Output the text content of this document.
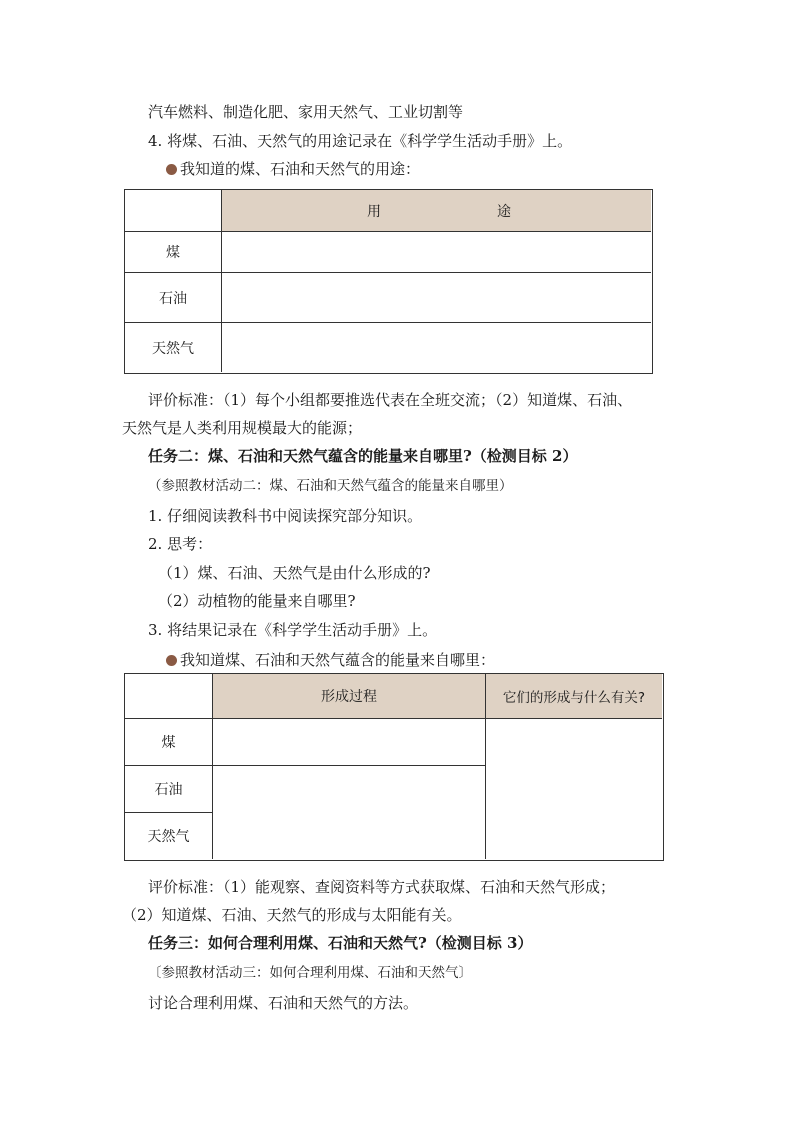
汽车燃料、制造化肥、家用天然气、工业切割等
4. 将煤、石油、天然气的用途记录在《科学学生活动手册》上。
我知道的煤、石油和天然气的用途：
用	途
煤
石油
天然气
评价标准：（1）每个小组都要推选代表在全班交流；（2）知道煤、石油、
天然气是人类利用规模最大的能源；
任务二：煤、石油和天然气蕴含的能量来自哪里?（检测目标 2）
（参照教材活动二：煤、石油和天然气蕴含的能量来自哪里）
1. 仔细阅读教科书中阅读探究部分知识。
2. 思考：
（1）煤、石油、天然气是由什么形成的?
（2）动植物的能量来自哪里?
3. 将结果记录在《科学学生活动手册》上。
我知道煤、石油和天然气蕴含的能量来自哪里：
形成过程	它们的形成与什么有关?
煤
石油
天然气
评价标准：（1）能观察、查阅资料等方式获取煤、石油和天然气形成；
（2）知道煤、石油、天然气的形成与太阳能有关。
任务三：如何合理利用煤、石油和天然气?（检测目标 3）
〔参照教材活动三：如何合理利用煤、石油和天然气〕
讨论合理利用煤、石油和天然气的方法。
